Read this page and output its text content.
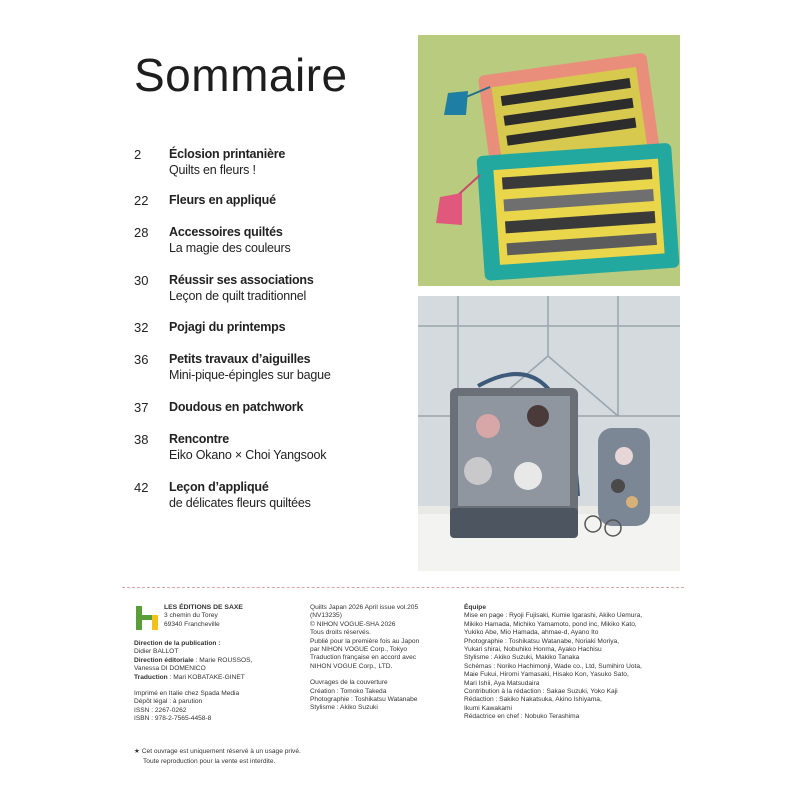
Sommaire
2 Éclosion printanière
Quilts en fleurs !
22 Fleurs en appliqué
28 Accessoires quiltés
La magie des couleurs
30 Réussir ses associations
Leçon de quilt traditionnel
32 Pojagi du printemps
36 Petits travaux d’aiguilles
Mini-pique-épingles sur bague
37 Doudous en patchwork
38 Rencontre
Eiko Okano × Choi Yangsook
42 Leçon d’appliqué
de délicates fleurs quiltées
LES ÉDITIONS DE SAXE
3 chemin du Torey
69340 Francheville
Direction de la publication :
Didier BALLOT
Direction éditoriale : Marie ROUSSOS,
Vanessa DI DOMENICO
Traduction : Mari KOBATAKE-GINET
Imprimé en Italie chez Spada Media
Dépôt légal : à parution
ISSN : 2267-0262
ISBN : 978-2-7565-4458-8
Quilts Japan 2026 April issue vol.205
(NV13235)
© NIHON VOGUE-SHA 2026
Tous droits réservés.
Publié pour la première fois au Japon
par NIHON VOGUE Corp., Tokyo
Traduction française en accord avec
NIHON VOGUE Corp., LTD.
Ouvrages de la couverture
Création : Tomoko Takeda
Photographie : Toshikatsu Watanabe
Stylisme : Akiko Suzuki
Équipe
Mise en page : Ryoji Fujisaki, Kumie Igarashi, Akiko Uemura,
Mikiko Hamada, Michiko Yamamoto, pond inc, Mikiko Kato,
Yukiko Abe, Mio Hamada, ahmae-d, Ayano Ito
Photographie : Toshikatsu Watanabe, Noriaki Moriya,
Yukari shirai, Nobuhiko Honma, Ayako Hachisu
Stylisme : Akiko Suzuki, Makiko Tanaka
Schémas : Noriko Hachimonji, Wade co., Ltd, Sumihiro Uota,
Maie Fukui, Hiromi Yamasaki, Hisako Kon, Yasuko Sato,
Mari Ishii, Aya Matsudaira
Contribution à la rédaction : Sakae Suzuki, Yoko Kaji
Rédaction : Sakiko Nakatsuka, Akino Ishiyama,
Ikumi Kawakami
Rédactrice en chef : Nobuko Terashima
★ Cet ouvrage est uniquement réservé à un usage privé.
Toute reproduction pour la vente est interdite.
